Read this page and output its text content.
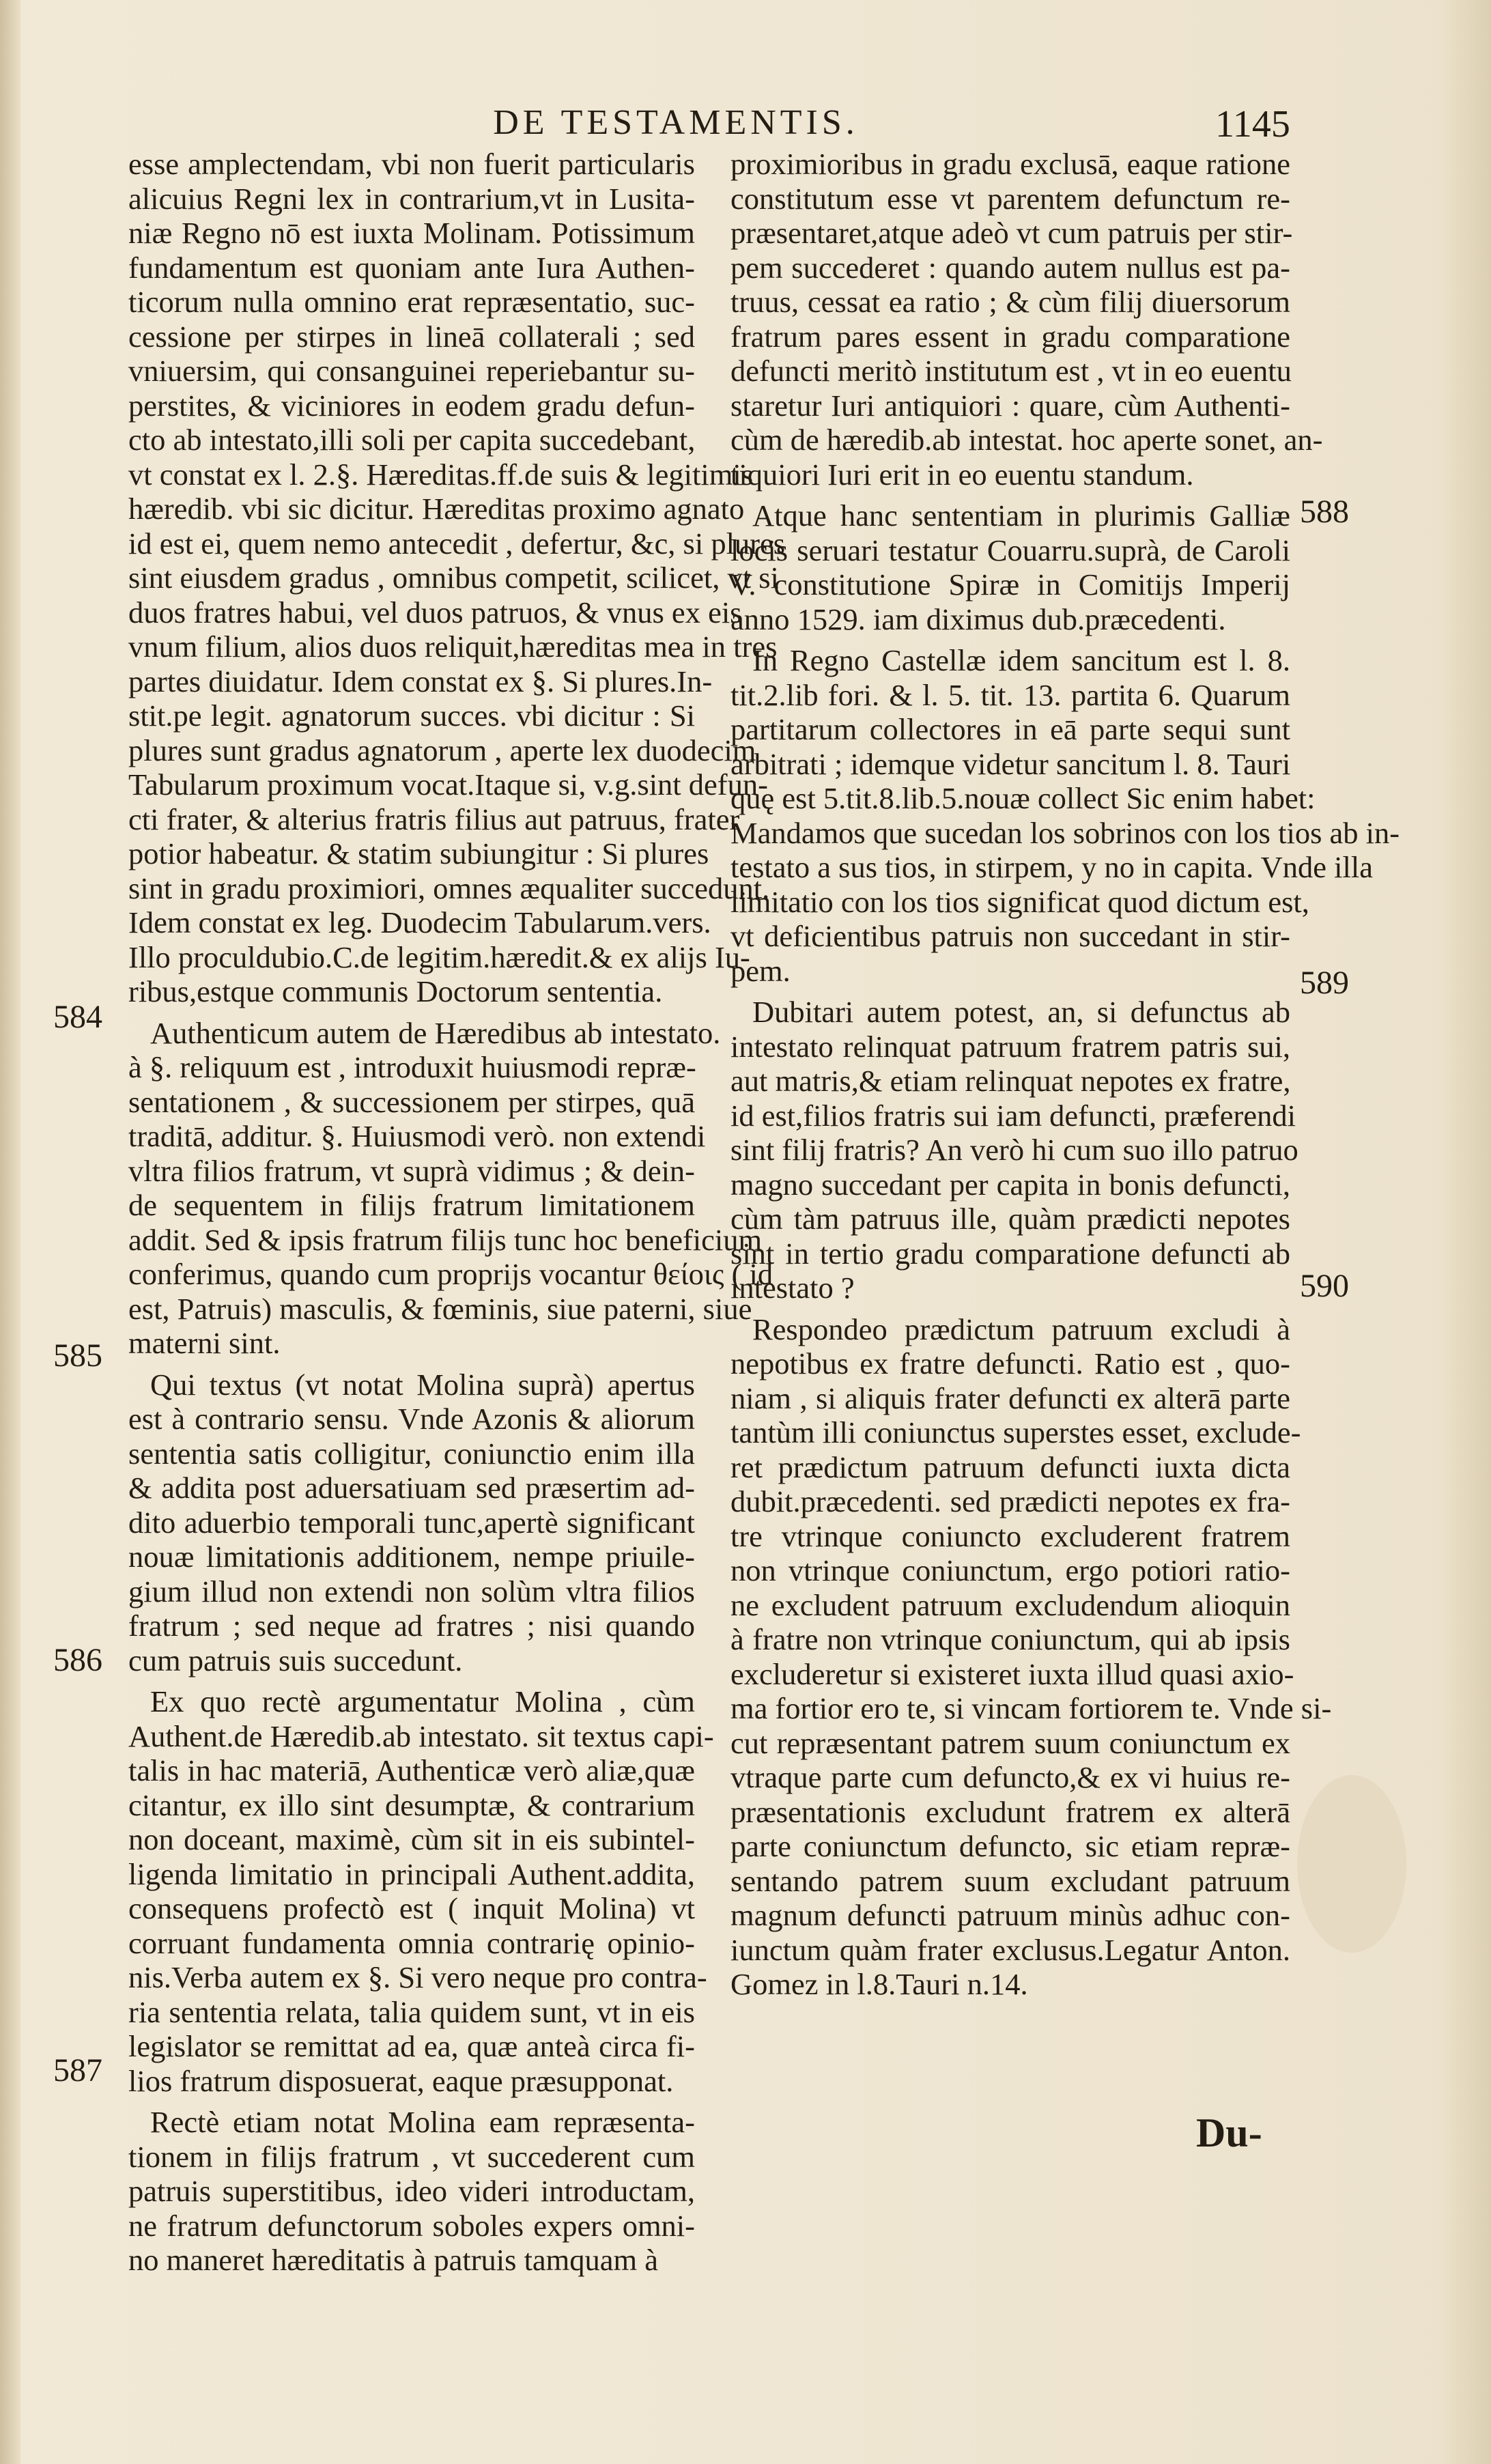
DE TESTAMENTIS.	1145
esse amplectendam, vbi non fuerit particularis
alicuius Regni lex in contrarium,vt in Lusita-
niæ Regno nō est iuxta Molinam. Potissimum
fundamentum est quoniam ante Iura Authen-
ticorum nulla omnino erat repræsentatio, suc-
cessione per stirpes in lineā collaterali ; sed
vniuersim, qui consanguinei reperiebantur su-
perstites, & viciniores in eodem gradu defun-
cto ab intestato,illi soli per capita succedebant,
vt constat ex l. 2.§. Hæreditas.ff.de suis & legitimis
hæredib. vbi sic dicitur. Hæreditas proximo agnato
id est ei, quem nemo antecedit , defertur, &c, si plures
sint eiusdem gradus , omnibus competit, scilicet, vt si
duos fratres habui, vel duos patruos, & vnus ex eis
vnum filium, alios duos reliquit,hæreditas mea in tres
partes diuidatur. Idem constat ex §. Si plures.In-
stit.pe legit. agnatorum succes. vbi dicitur : Si
plures sunt gradus agnatorum , aperte lex duodecim
Tabularum proximum vocat.Itaque si, v.g.sint defun-
cti frater, & alterius fratris filius aut patruus, frater
potior habeatur. & statim subiungitur : Si plures
sint in gradu proximiori, omnes æqualiter succedunt.
Idem constat ex leg. Duodecim Tabularum.vers.
Illo proculdubio.C.de legitim.hæredit.& ex alijs Iu-
ribus,estque communis Doctorum sententia.
Authenticum autem de Hæredibus ab intestato.
à §. reliquum est , introduxit huiusmodi repræ-
sentationem , & successionem per stirpes, quā
traditā, additur. §. Huiusmodi verò. non extendi
vltra filios fratrum, vt suprà vidimus ; & dein-
de sequentem in filijs fratrum limitationem
addit. Sed & ipsis fratrum filijs tunc hoc beneficium
conferimus, quando cum proprijs vocantur θείοις ( id
est, Patruis) masculis, & fœminis, siue paterni, siue
materni sint.
Qui textus (vt notat Molina suprà) apertus
est à contrario sensu. Vnde Azonis & aliorum
sententia satis colligitur, coniunctio enim illa
& addita post aduersatiuam sed præsertim ad-
dito aduerbio temporali tunc,apertè significant
nouæ limitationis additionem, nempe priuile-
gium illud non extendi non solùm vltra filios
fratrum ; sed neque ad fratres ; nisi quando
cum patruis suis succedunt.
Ex quo rectè argumentatur Molina , cùm
Authent.de Hæredib.ab intestato. sit textus capi-
talis in hac materiā, Authenticæ verò aliæ,quæ
citantur, ex illo sint desumptæ, & contrarium
non doceant, maximè, cùm sit in eis subintel-
ligenda limitatio in principali Authent.addita,
consequens profectò est ( inquit Molina) vt
corruant fundamenta omnia contrarię opinio-
nis.Verba autem ex §. Si vero neque pro contra-
ria sententia relata, talia quidem sunt, vt in eis
legislator se remittat ad ea, quæ anteà circa fi-
lios fratrum disposuerat, eaque præsupponat.
Rectè etiam notat Molina eam repræsenta-
tionem in filijs fratrum , vt succederent cum
patruis superstitibus, ideo videri introductam,
ne fratrum defunctorum soboles expers omni-
no maneret hæreditatis à patruis tamquam à
proximioribus in gradu exclusā, eaque ratione
constitutum esse vt parentem defunctum re-
præsentaret,atque adeò vt cum patruis per stir-
pem succederet : quando autem nullus est pa-
truus, cessat ea ratio ; & cùm filij diuersorum
fratrum pares essent in gradu comparatione
defuncti meritò institutum est , vt in eo euentu
staretur Iuri antiquiori : quare, cùm Authenti-
cùm de hæredib.ab intestat. hoc aperte sonet, an-
tiquiori Iuri erit in eo euentu standum.
Atque hanc sententiam in plurimis Galliæ
locis seruari testatur Couarru.suprà, de Caroli
V. constitutione Spiræ in Comitijs Imperij
anno 1529. iam diximus dub.præcedenti.
In Regno Castellæ idem sancitum est l. 8.
tit.2.lib fori. & l. 5. tit. 13. partita 6. Quarum
partitarum collectores in eā parte sequi sunt
arbitrati ; idemque videtur sancitum l. 8. Tauri
quę est 5.tit.8.lib.5.nouæ collect Sic enim habet:
Mandamos que sucedan los sobrinos con los tios ab in-
testato a sus tios, in stirpem, y no in capita. Vnde illa
limitatio con los tios significat quod dictum est,
vt deficientibus patruis non succedant in stir-
pem.
Dubitari autem potest, an, si defunctus ab
intestato relinquat patruum fratrem patris sui,
aut matris,& etiam relinquat nepotes ex fratre,
id est,filios fratris sui iam defuncti, præferendi
sint filij fratris? An verò hi cum suo illo patruo
magno succedant per capita in bonis defuncti,
cùm tàm patruus ille, quàm prædicti nepotes
sint in tertio gradu comparatione defuncti ab
intestato ?
Respondeo prædictum patruum excludi à
nepotibus ex fratre defuncti. Ratio est , quo-
niam , si aliquis frater defuncti ex alterā parte
tantùm illi coniunctus superstes esset, exclude-
ret prædictum patruum defuncti iuxta dicta
dubit.præcedenti. sed prædicti nepotes ex fra-
tre vtrinque coniuncto excluderent fratrem
non vtrinque coniunctum, ergo potiori ratio-
ne excludent patruum excludendum alioquin
à fratre non vtrinque coniunctum, qui ab ipsis
excluderetur si existeret iuxta illud quasi axio-
ma fortior ero te, si vincam fortiorem te. Vnde si-
cut repræsentant patrem suum coniunctum ex
vtraque parte cum defuncto,& ex vi huius re-
præsentationis excludunt fratrem ex alterā
parte coniunctum defuncto, sic etiam repræ-
sentando patrem suum excludant patruum
magnum defuncti patruum minùs adhuc con-
iunctum quàm frater exclusus.Legatur Anton.
Gomez in l.8.Tauri n.14.
584
585
586
587
588
589
590
Du-
